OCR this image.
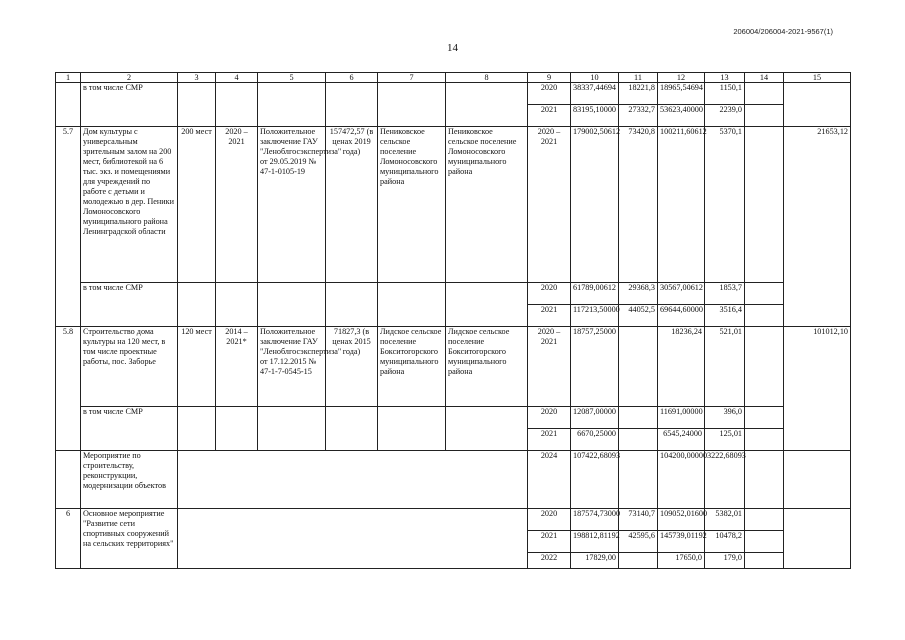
206004/206004-2021-9567(1)
14
1	2	3	4	5	6	7	8	9	10	11	12	13	14	15
	в том числе СМР							2020	38337,44694	18221,8	18965,54694	1150,1		
								2021	83195,10000	27332,7	53623,40000	2239,0		
5.7	Дом культуры с универсальным зрительным залом на 200 мест, библиотекой на 6 тыс. экз. и помещениями для учреждений по работе с детьми и молодежью в дер. Пеники Ломоносовского муниципального района Ленинградской области	200 мест	2020 – 2021	Положительное заключение ГАУ "Леноблгосэкспертиза" от 29.05.2019 № 47-1-0105-19	157472,57 (в ценах 2019 года)	Пениковское сельское поселение Ломоносовского муниципального района	Пениковское сельское поселение Ломоносовского муниципального района	2020 – 2021	179002,50612	73420,8	100211,60612	5370,1		21653,12
	в том числе СМР							2020	61789,00612	29368,3	30567,00612	1853,7		
								2021	117213,50000	44052,5	69644,60000	3516,4		
5.8	Строительство дома культуры на 120 мест, в том числе проектные работы, пос. Заборье	120 мест	2014 – 2021*	Положительное заключение ГАУ "Леноблгосэкспертиза" от 17.12.2015 № 47-1-7-0545-15	71827,3 (в ценах 2015 года)	Лидское сельское поселение Бокситогорского муниципального района	Лидское сельское поселение Бокситогорского муниципального района	2020 – 2021	18757,25000		18236,24	521,01		101012,10
	в том числе СМР							2020	12087,00000		11691,00000	396,0		
								2021	6670,25000		6545,24000	125,01		
	Мероприятие по строительству, реконструкции, модернизации объектов							2024	107422,68093		104200,00000	3222,68093		
6	Основное мероприятие "Развитие сети спортивных сооружений на сельских территориях"							2020	187574,73000	73140,7	109052,01600	5382,01		
								2021	198812,81192	42595,6	145739,01192	10478,2		
								2022	17829,00		17650,0	179,0		
